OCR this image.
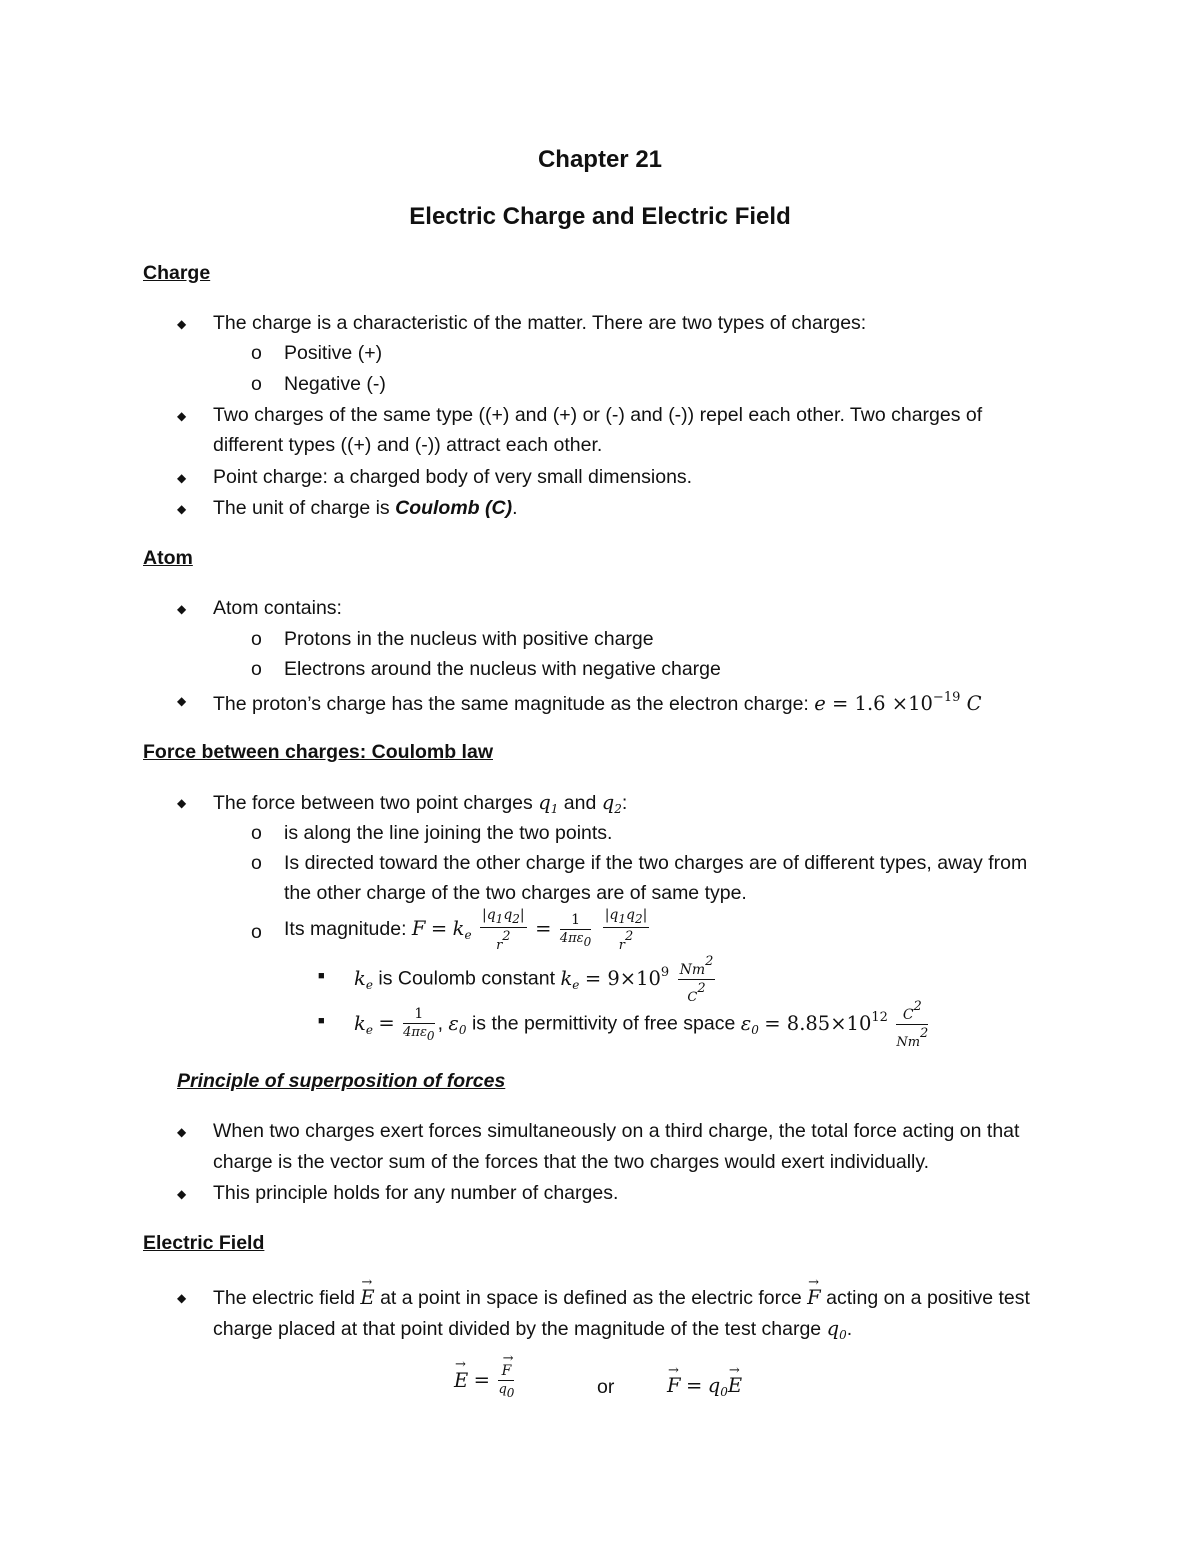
Chapter 21
Electric Charge and Electric Field
Charge
◆ The charge is a characteristic of the matter. There are two types of charges:
o Positive (+)
o Negative (-)
◆ Two charges of the same type ((+) and (+) or (-) and (-)) repel each other. Two charges of
different types ((+) and (-)) attract each other.
◆ Point charge: a charged body of very small dimensions.
◆ The unit of charge is Coulomb (C).
Atom
◆ Atom contains:
o Protons in the nucleus with positive charge
o Electrons around the nucleus with negative charge
◆ The proton’s charge has the same magnitude as the electron charge: $e = 1.6 \times 10^{-19}$ C
Force between charges: Coulomb law
◆ The force between two point charges $q_1$ and $q_2$:
o is along the line joining the two points.
o Is directed toward the other charge if the two charges are of different types, away from
the other charge of the two charges are of same type.
o Its magnitude: $F = k_e \frac{|q1q2|}{r2} = \frac{1}{4\pi\varepsilon 0}$
$\frac{|q1q2|}{r2}$
■ $k_e$ is Coulomb constant $k_e = 9\times 10^9 \frac{Nm2}{C2}$
■ $k_e = \frac{1}{4\pi\varepsilon 0}$ , $\varepsilon_0$ is the permittivity of free space $\varepsilon_0 = 8.85\times 10^{12} \frac{C2}{Nm2}$
Principle of superposition of forces
◆ When two charges exert forces simultaneously on a third charge, the total force acting on that
charge is the vector sum of the forces that the two charges would exert individually.
◆ This principle holds for any number of charges.
Electric Field
◆ The electric field → E at a point in space is defined as the electric force → F acting on a positive test
charge placed at that point divided by the magnitude of the test charge $q_0$.
→ E = → $\frac{F}{q0}$	or	→ $F = q_0\to E$
